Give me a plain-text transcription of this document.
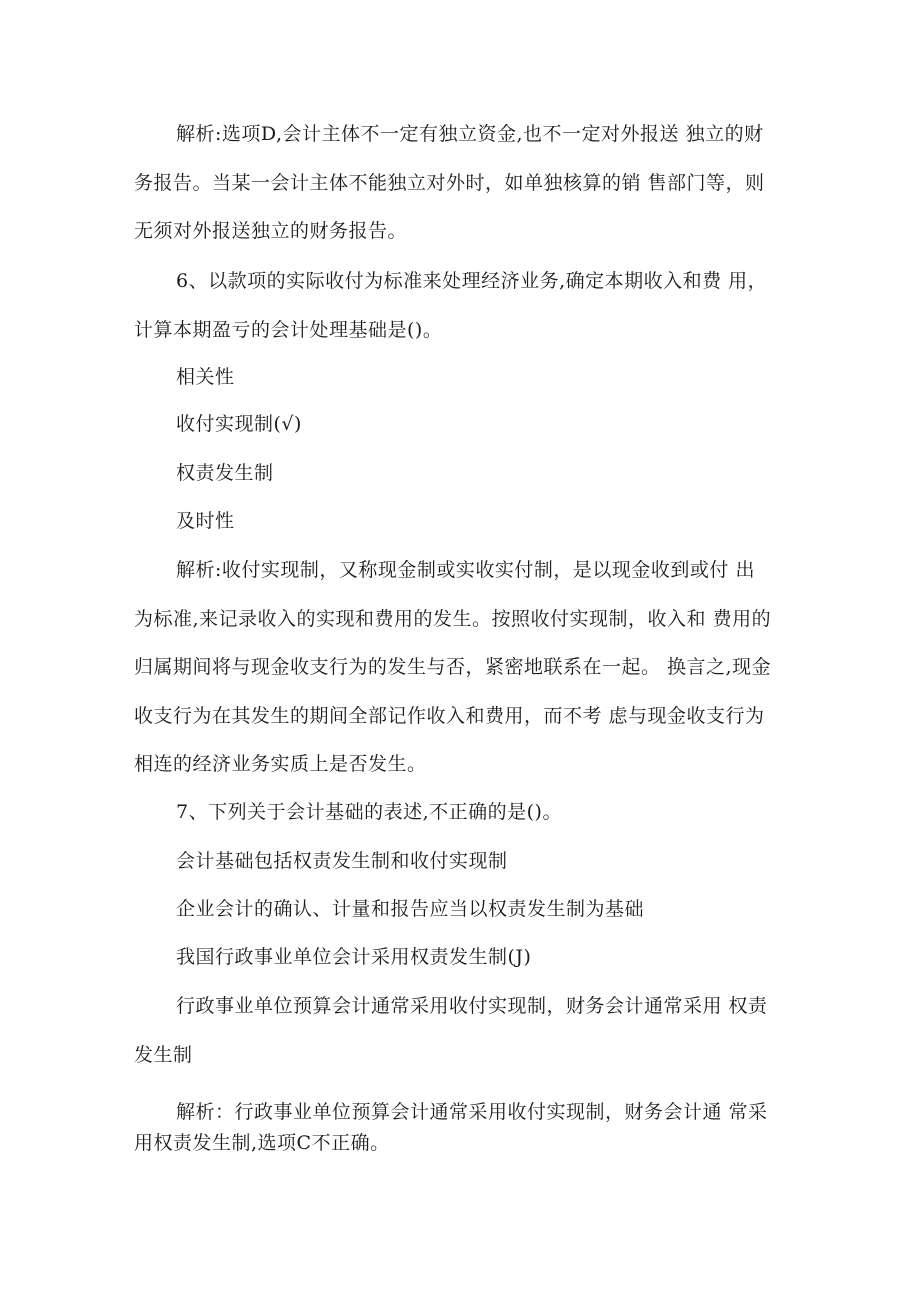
解析:选项D,会计主体不一定有独立资金,也不一定对外报送 独立的财

务报告。当某一会计主体不能独立对外时，如单独核算的销 售部门等，则

无须对外报送独立的财务报告。

6、以款项的实际收付为标准来处理经济业务,确定本期收入和费 用，

计算本期盈亏的会计处理基础是()。

相关性

收付实现制(√)

权责发生制

及时性

解析:收付实现制，又称现金制或实收实付制，是以现金收到或付 出

为标准,来记录收入的实现和费用的发生。按照收付实现制，收入和 费用的

归属期间将与现金收支行为的发生与否，紧密地联系在一起。 换言之,现金

收支行为在其发生的期间全部记作收入和费用，而不考 虑与现金收支行为

相连的经济业务实质上是否发生。

7、下列关于会计基础的表述,不正确的是()。

会计基础包括权责发生制和收付实现制

企业会计的确认、计量和报告应当以权责发生制为基础

我国行政事业单位会计采用权责发生制(J)

行政事业单位预算会计通常采用收付实现制，财务会计通常采用 权责

发生制

解析：行政事业单位预算会计通常采用收付实现制，财务会计通 常采

用权责发生制,选项C不正确。
